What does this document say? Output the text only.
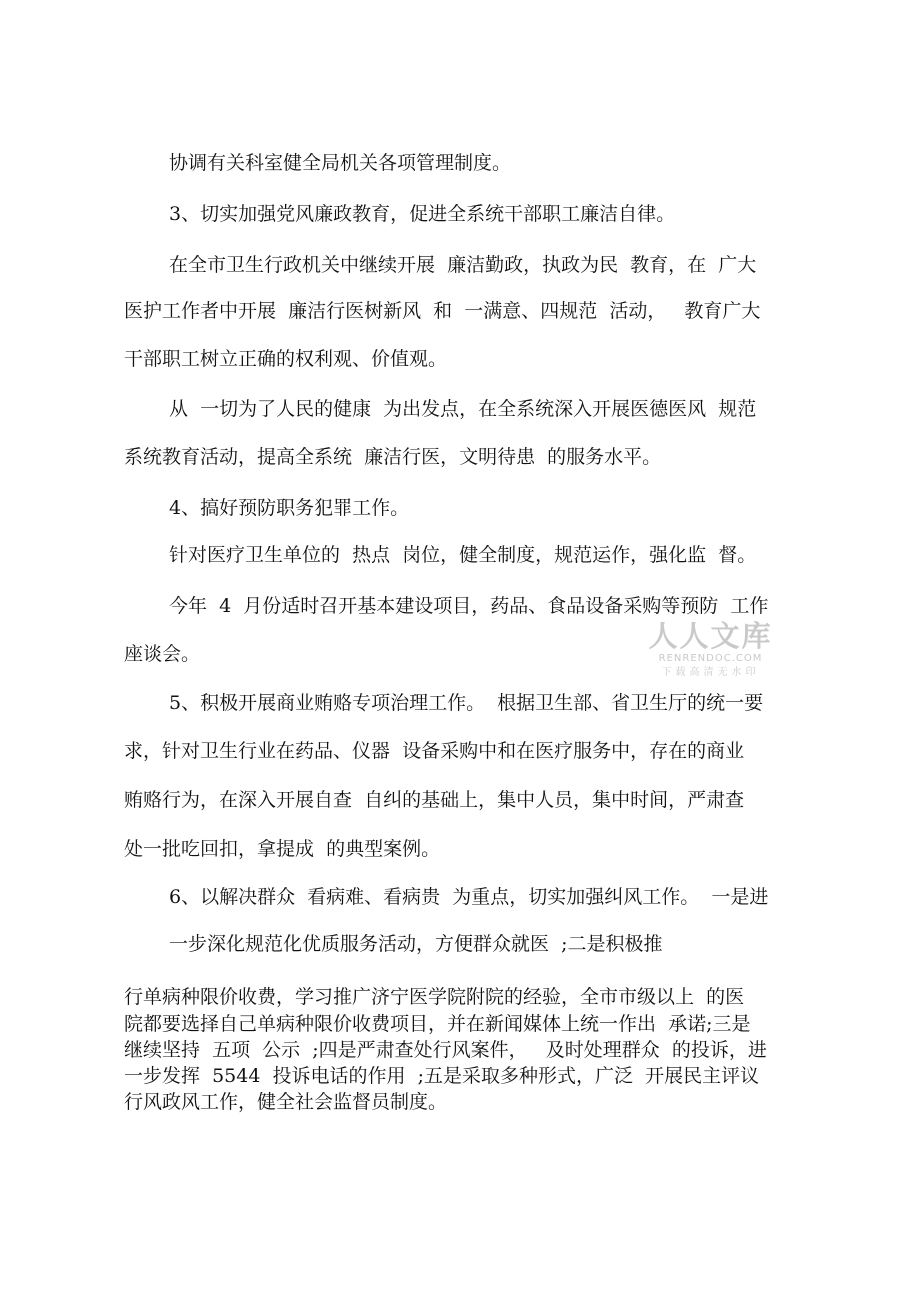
协调有关科室健全局机关各项管理制度。
3、切实加强党风廉政教育，促进全系统干部职工廉洁自律。
在全市卫生行政机关中继续开展  廉洁勤政，执政为民  教育，在  广大
医护工作者中开展  廉洁行医树新风  和  一满意、四规范  活动，   教育广大
干部职工树立正确的权利观、价值观。
从  一切为了人民的健康  为出发点，在全系统深入开展医德医风  规范
系统教育活动，提高全系统  廉洁行医，文明待患  的服务水平。
4、搞好预防职务犯罪工作。
针对医疗卫生单位的  热点  岗位，健全制度，规范运作，强化监  督。
今年  4  月份适时召开基本建设项目，药品、食品设备采购等预防  工作
座谈会。
5、积极开展商业贿赂专项治理工作。  根据卫生部、省卫生厅的统一要
求，针对卫生行业在药品、仪器  设备采购中和在医疗服务中，存在的商业
贿赂行为，在深入开展自查  自纠的基础上，集中人员，集中时间，严肃查
处一批吃回扣，拿提成  的典型案例。
6、以解决群众  看病难、看病贵  为重点，切实加强纠风工作。  一是进
一步深化规范化优质服务活动，方便群众就医  ;二是积极推
行单病种限价收费，学习推广济宁医学院附院的经验，全市市级以上  的医
院都要选择自己单病种限价收费项目，并在新闻媒体上统一作出  承诺;三是
继续坚持  五项  公示  ;四是严肃查处行风案件，   及时处理群众  的投诉，进
一步发挥  5544  投诉电话的作用  ;五是采取多种形式，广泛  开展民主评议
行风政风工作，健全社会监督员制度。
人人文库
RENRENDOC.COM
下载高清无水印
